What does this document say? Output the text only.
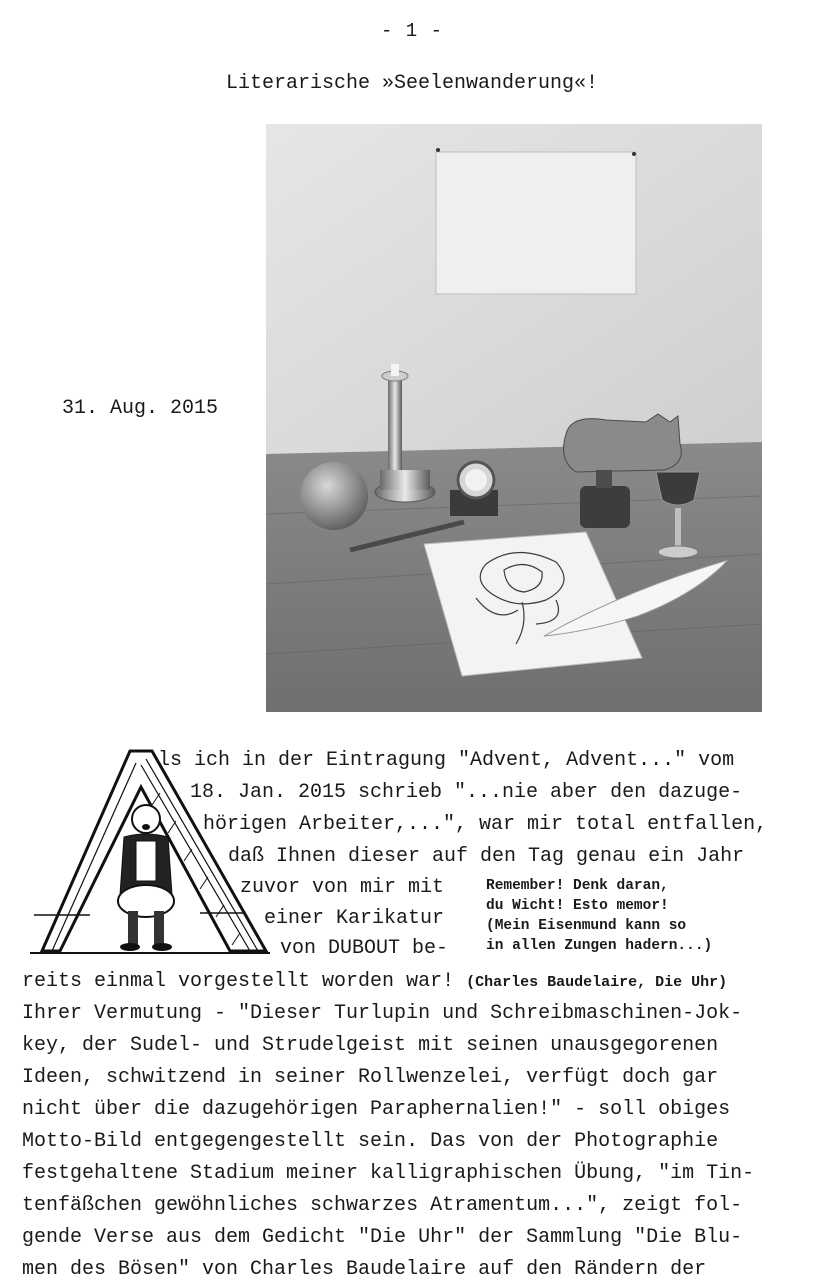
- 1 -
Literarische »Seelenwanderung«!
31. Aug. 2015
ls ich in der Eintragung "Advent, Advent..." vom
18. Jan. 2015 schrieb "...nie aber den dazuge-
hörigen Arbeiter,...", war mir total entfallen,
daß Ihnen dieser auf den Tag genau ein Jahr
zuvor von mir mit
einer Karikatur
von DUBOUT be-
Remember! Denk daran,
du Wicht! Esto memor!
(Mein Eisenmund kann so
in allen Zungen hadern...)
reits einmal vorgestellt worden war! (Charles Baudelaire, Die Uhr)
Ihrer Vermutung - "Dieser Turlupin und Schreibmaschinen-Jok-
key, der Sudel- und Strudelgeist mit seinen unausgegorenen
Ideen, schwitzend in seiner Rollwenzelei, verfügt doch gar
nicht über die dazugehörigen Paraphernalien!" - soll obiges
Motto-Bild entgegengestellt sein. Das von der Photographie
festgehaltene Stadium meiner kalligraphischen Übung, "im Tin-
tenfäßchen gewöhnliches schwarzes Atramentum...", zeigt fol-
gende Verse aus dem Gedicht "Die Uhr" der Sammlung "Die Blu-
men des Bösen" von Charles Baudelaire auf den Rändern der
